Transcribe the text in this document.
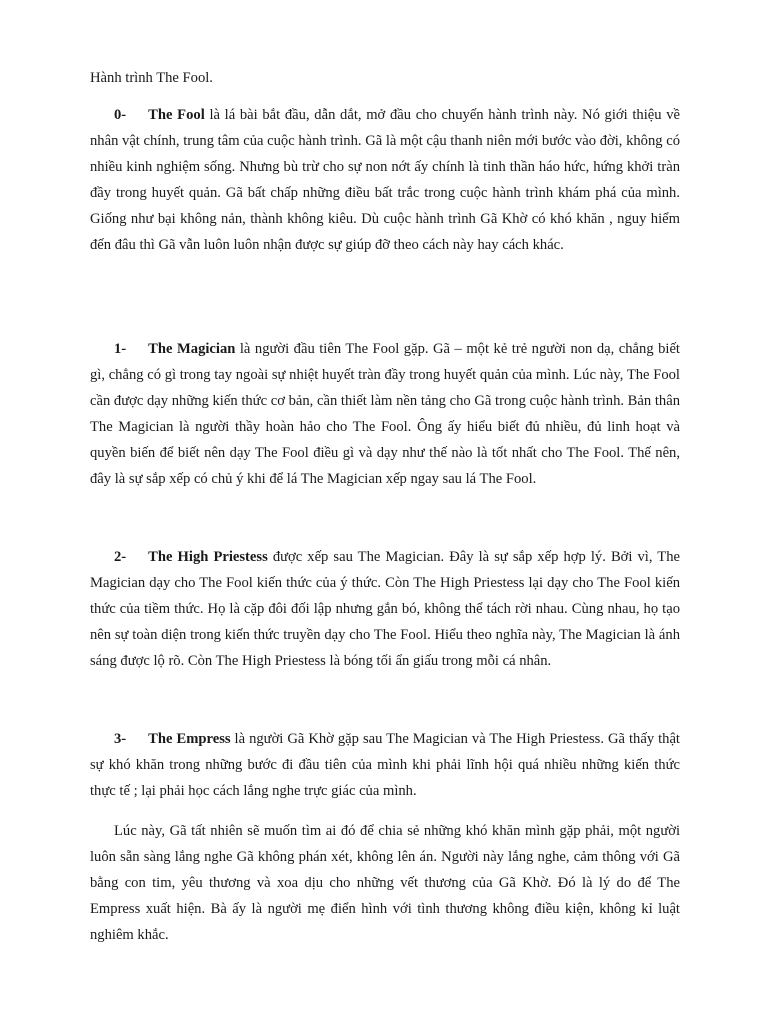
Hành trình The Fool.

0- The Fool là lá bài bắt đầu, dẫn dắt, mở đầu cho chuyến hành trình này. Nó giới thiệu về nhân vật chính, trung tâm của cuộc hành trình. Gã là một cậu thanh niên mới bước vào đời, không có nhiều kinh nghiệm sống. Nhưng bù trừ cho sự non nớt ấy chính là tinh thần háo hức, hứng khởi tràn đầy trong huyết quản. Gã bất chấp những điều bất trắc trong cuộc hành trình khám phá của mình. Giống như bại không nản, thành không kiêu. Dù cuộc hành trình Gã Khờ có khó khăn , nguy hiểm đến đâu thì Gã vẫn luôn luôn nhận được sự giúp đỡ theo cách này hay cách khác.

1- The Magician là người đầu tiên The Fool gặp. Gã – một kẻ trẻ người non dạ, chẳng biết gì, chẳng có gì trong tay ngoài sự nhiệt huyết tràn đầy trong huyết quản của mình. Lúc này, The Fool cần được dạy những kiến thức cơ bản, cần thiết làm nền tảng cho Gã trong cuộc hành trình. Bản thân The Magician là người thầy hoàn hảo cho The Fool. Ông ấy hiểu biết đủ nhiều, đủ linh hoạt và quyền biến để biết nên dạy The Fool điều gì và dạy như thế nào là tốt nhất cho The Fool. Thế nên, đây là sự sắp xếp có chủ ý khi để lá The Magician xếp ngay sau lá The Fool.

2- The High Priestess được xếp sau The Magician. Đây là sự sắp xếp hợp lý. Bởi vì, The Magician dạy cho The Fool kiến thức của ý thức. Còn The High Priestess lại dạy cho The Fool kiến thức của tiềm thức. Họ là cặp đôi đối lập nhưng gắn bó, không thể tách rời nhau. Cùng nhau, họ tạo nên sự toàn diện trong kiến thức truyền dạy cho The Fool. Hiểu theo nghĩa này, The Magician là ánh sáng được lộ rõ. Còn The High Priestess là bóng tối ẩn giấu trong mỗi cá nhân.

3- The Empress là người Gã Khờ gặp sau The Magician và The High Priestess. Gã thấy thật sự khó khăn trong những bước đi đầu tiên của mình khi phải lĩnh hội quá nhiều những kiến thức thực tế ; lại phải học cách lắng nghe trực giác của mình.

Lúc này, Gã tất nhiên sẽ muốn tìm ai đó để chia sẻ những khó khăn mình gặp phải, một người luôn sẵn sàng lắng nghe Gã không phán xét, không lên án. Người này lắng nghe, cảm thông với Gã bằng con tim, yêu thương và xoa dịu cho những vết thương của Gã Khờ. Đó là lý do để The Empress xuất hiện. Bà ấy là người mẹ điển hình với tình thương không điều kiện, không kỉ luật nghiêm khắc.
